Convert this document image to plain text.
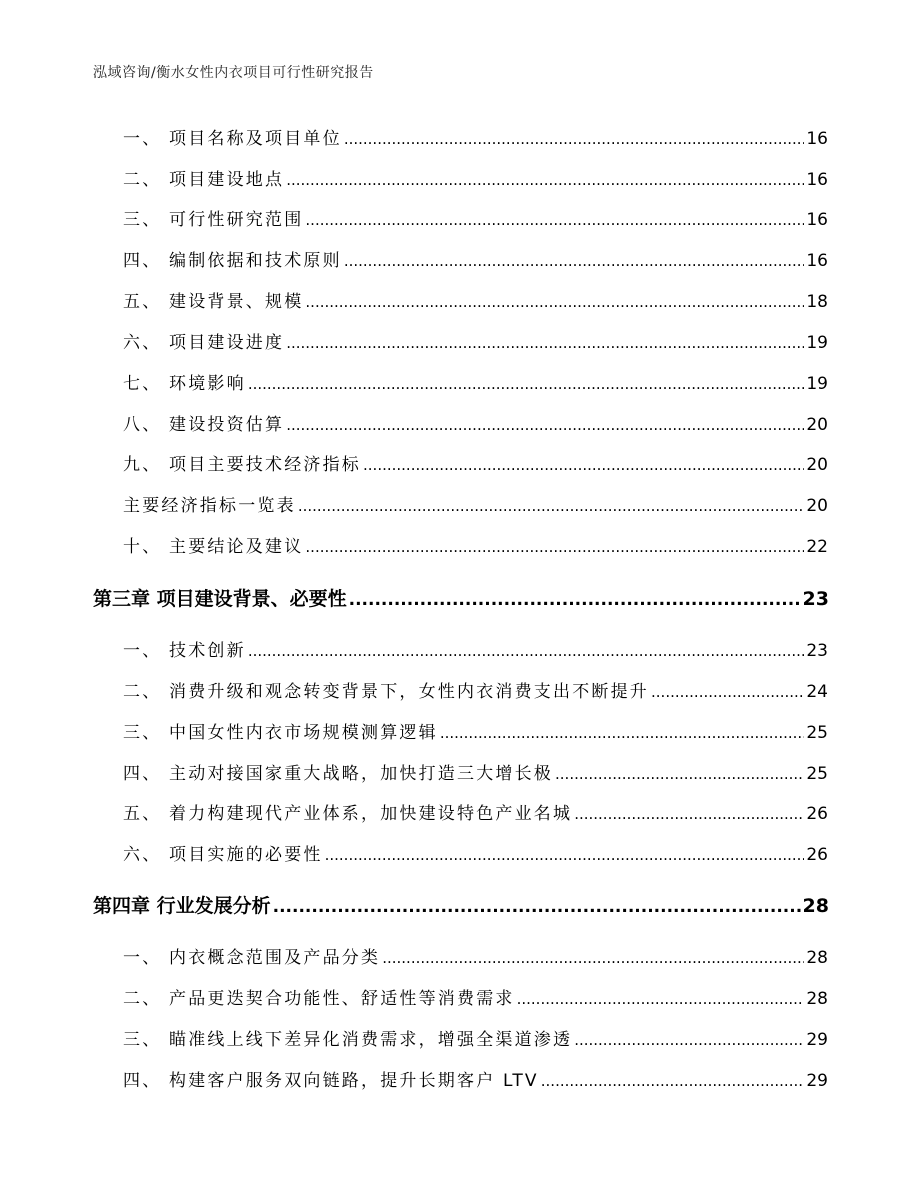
泓域咨询/衡水女性内衣项目可行性研究报告
一、 项目名称及项目单位 .....	16
二、 项目建设地点 .....	16
三、 可行性研究范围 .....	16
四、 编制依据和技术原则 .....	16
五、 建设背景、规模 .....	18
六、 项目建设进度 .....	19
七、 环境影响 .....	19
八、 建设投资估算 .....	20
九、 项目主要技术经济指标 .....	20
主要经济指标一览表 .....	20
十、 主要结论及建议 .....	22
第三章 项目建设背景、必要性 .....	23
一、 技术创新 .....	23
二、 消费升级和观念转变背景下，女性内衣消费支出不断提升 .....	24
三、 中国女性内衣市场规模测算逻辑 .....	25
四、 主动对接国家重大战略，加快打造三大增长极 .....	25
五、 着力构建现代产业体系，加快建设特色产业名城 .....	26
六、 项目实施的必要性 .....	26
第四章 行业发展分析 .....	28
一、 内衣概念范围及产品分类 .....	28
二、 产品更迭契合功能性、舒适性等消费需求 .....	28
三、 瞄准线上线下差异化消费需求，增强全渠道渗透 .....	29
四、 构建客户服务双向链路，提升长期客户 LTV .....	29
